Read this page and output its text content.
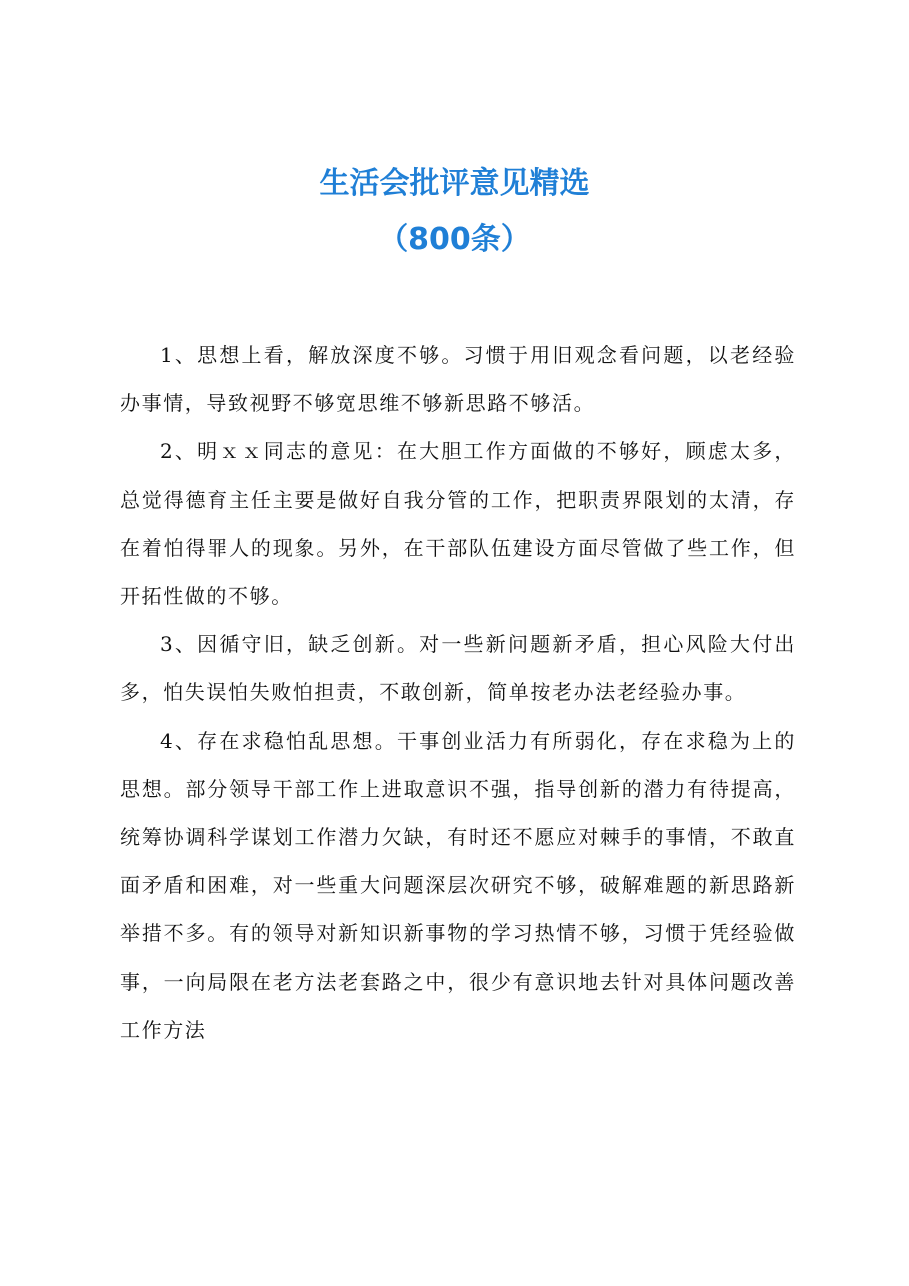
生活会批评意见精选
（800条）

1、思想上看，解放深度不够。习惯于用旧观念看问题，以老经验办事情，导致视野不够宽思维不够新思路不够活。

2、明ｘｘ同志的意见：在大胆工作方面做的不够好，顾虑太多，总觉得德育主任主要是做好自我分管的工作，把职责界限划的太清，存在着怕得罪人的现象。另外，在干部队伍建设方面尽管做了些工作，但开拓性做的不够。

3、因循守旧，缺乏创新。对一些新问题新矛盾，担心风险大付出多，怕失误怕失败怕担责，不敢创新，简单按老办法老经验办事。

4、存在求稳怕乱思想。干事创业活力有所弱化，存在求稳为上的思想。部分领导干部工作上进取意识不强，指导创新的潜力有待提高，统筹协调科学谋划工作潜力欠缺，有时还不愿应对棘手的事情，不敢直面矛盾和困难，对一些重大问题深层次研究不够，破解难题的新思路新举措不多。有的领导对新知识新事物的学习热情不够，习惯于凭经验做事，一向局限在老方法老套路之中，很少有意识地去针对具体问题改善工作方法
